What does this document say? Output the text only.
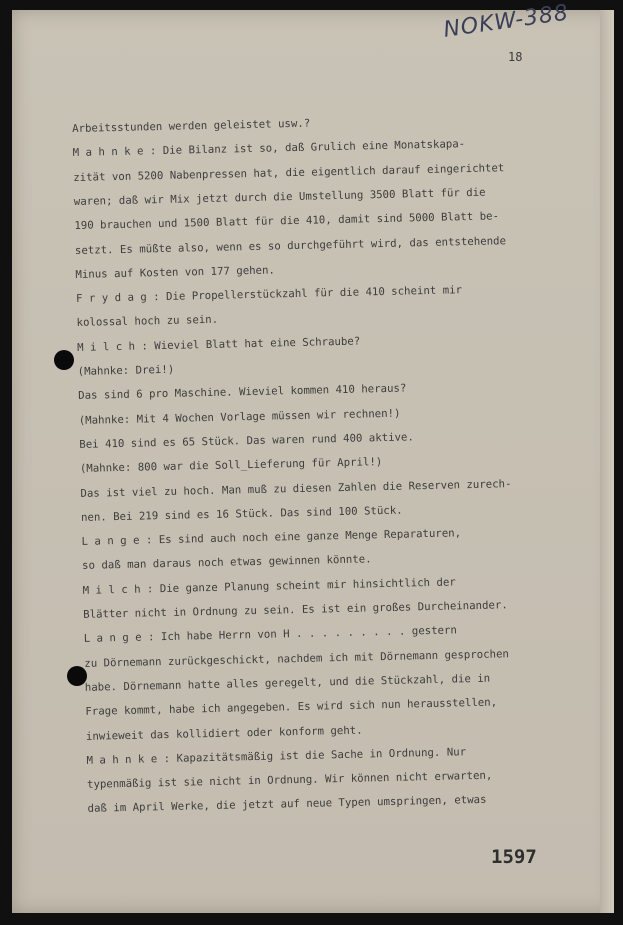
NOKW-388
18
Arbeitsstunden werden geleistet usw.?
M a h n k e : Die Bilanz ist so, daß Grulich eine Monatskapa-
zität von 5200 Nabenpressen hat, die eigentlich darauf eingerichtet
waren; daß wir Mix jetzt durch die Umstellung 3500 Blatt für die
190 brauchen und 1500 Blatt für die 410, damit sind 5000 Blatt be-
setzt. Es müßte also, wenn es so durchgeführt wird, das entstehende
Minus auf Kosten von 177 gehen.
F r y d a g : Die Propellerstückzahl für die 410 scheint mir
kolossal hoch zu sein.
M i l c h : Wieviel Blatt hat eine Schraube?
(Mahnke: Drei!)
Das sind 6 pro Maschine. Wieviel kommen 410 heraus?
(Mahnke: Mit 4 Wochen Vorlage müssen wir rechnen!)
Bei 410 sind es 65 Stück. Das waren rund 400 aktive.
(Mahnke: 800 war die Soll_Lieferung für April!)
Das ist viel zu hoch. Man muß zu diesen Zahlen die Reserven zurech-
nen. Bei 219 sind es 16 Stück. Das sind 100 Stück.
L a n g e : Es sind auch noch eine ganze Menge Reparaturen,
so daß man daraus noch etwas gewinnen könnte.
M i l c h : Die ganze Planung scheint mir hinsichtlich der
Blätter nicht in Ordnung zu sein. Es ist ein großes Durcheinander.
L a n g e : Ich habe Herrn von H . . . . . . . . . gestern
zu Dörnemann zurückgeschickt, nachdem ich mit Dörnemann gesprochen
habe. Dörnemann hatte alles geregelt, und die Stückzahl, die in
Frage kommt, habe ich angegeben. Es wird sich nun herausstellen,
inwieweit das kollidiert oder konform geht.
M a h n k e : Kapazitätsmäßig ist die Sache in Ordnung. Nur
typenmäßig ist sie nicht in Ordnung. Wir können nicht erwarten,
daß im April Werke, die jetzt auf neue Typen umspringen, etwas
1597
